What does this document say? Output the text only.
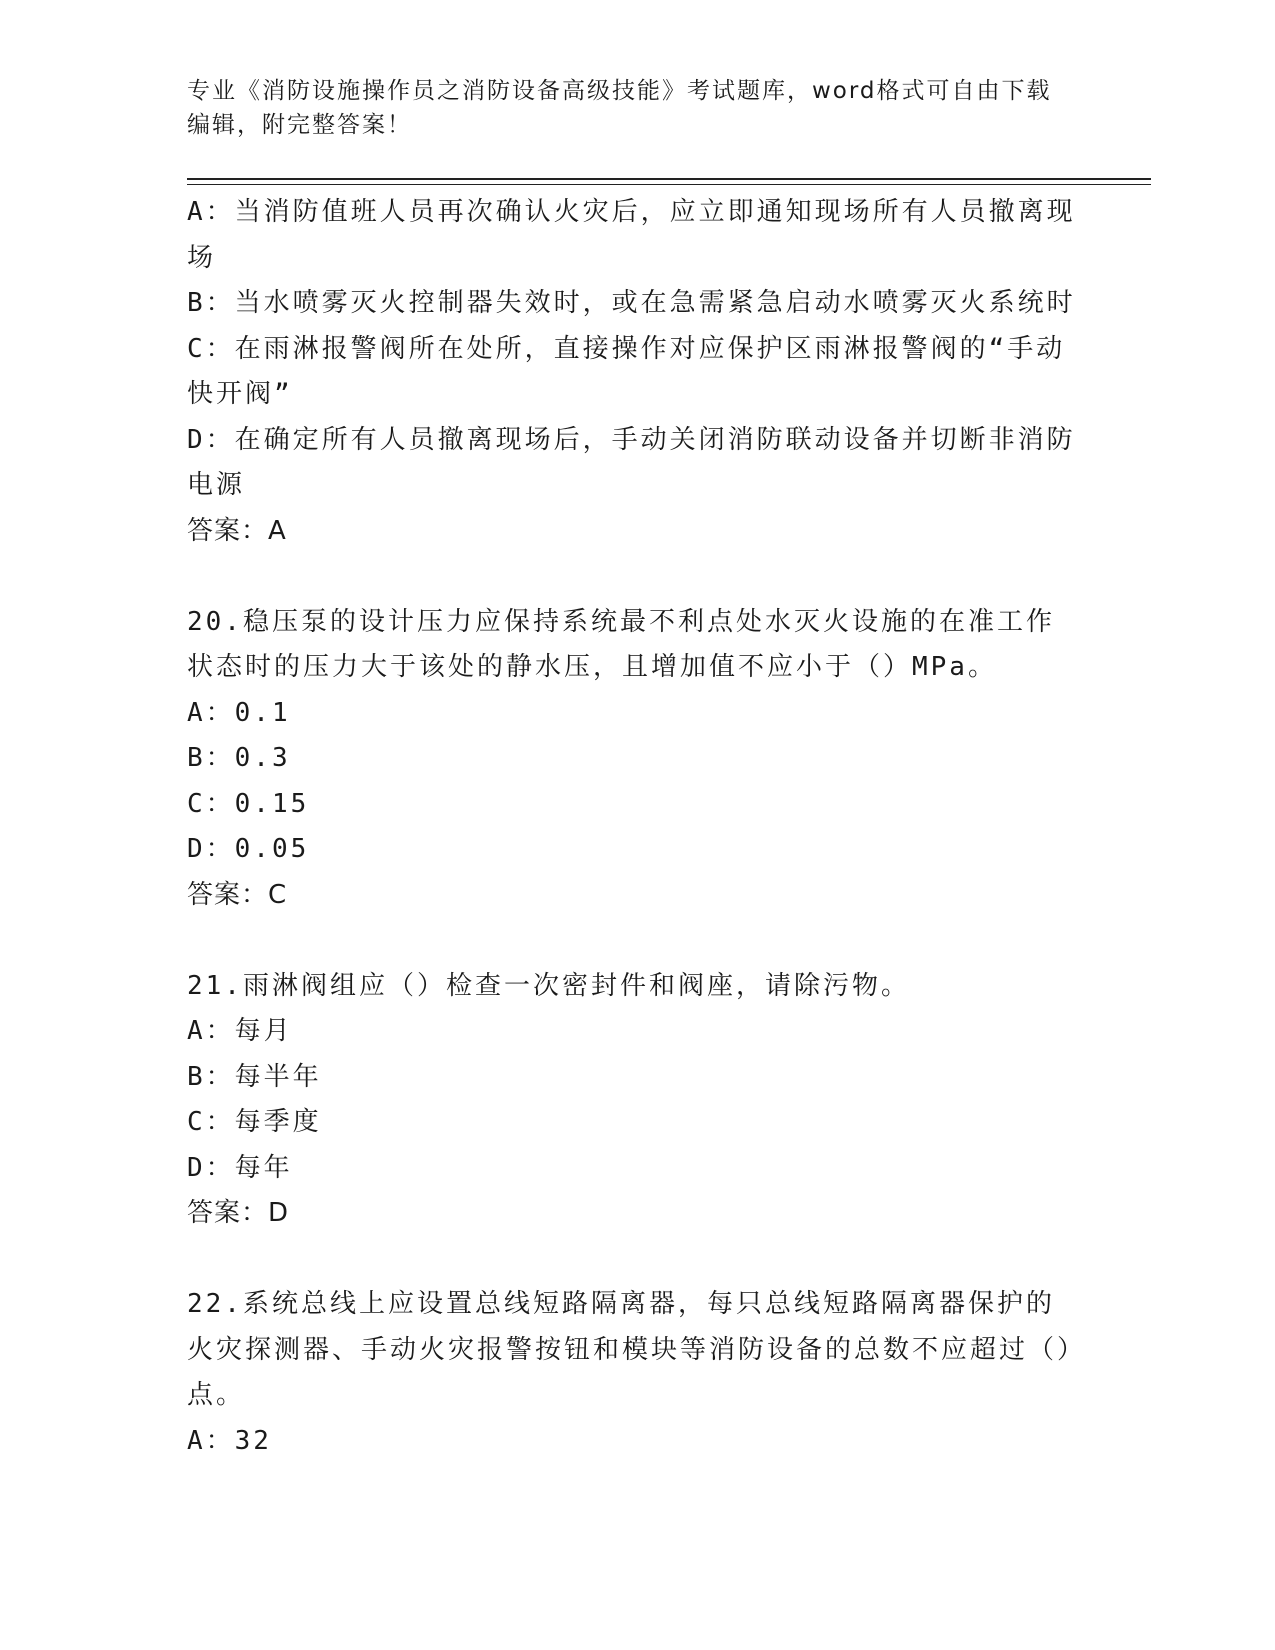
专业《消防设施操作员之消防设备高级技能》考试题库，word格式可自由下载编辑，附完整答案！

A：当消防值班人员再次确认火灾后，应立即通知现场所有人员撤离现场

B：当水喷雾灭火控制器失效时，或在急需紧急启动水喷雾灭火系统时

C：在雨淋报警阀所在处所，直接操作对应保护区雨淋报警阀的“手动快开阀”

D：在确定所有人员撤离现场后，手动关闭消防联动设备并切断非消防电源

答案：A

20.稳压泵的设计压力应保持系统最不利点处水灭火设施的在准工作状态时的压力大于该处的静水压，且增加值不应小于（）MPa。

A：0.1

B：0.3

C：0.15

D：0.05

答案：C

21.雨淋阀组应（）检查一次密封件和阀座，请除污物。

A：每月

B：每半年

C：每季度

D：每年

答案：D

22.系统总线上应设置总线短路隔离器，每只总线短路隔离器保护的火灾探测器、手动火灾报警按钮和模块等消防设备的总数不应超过（）点。

A：32
